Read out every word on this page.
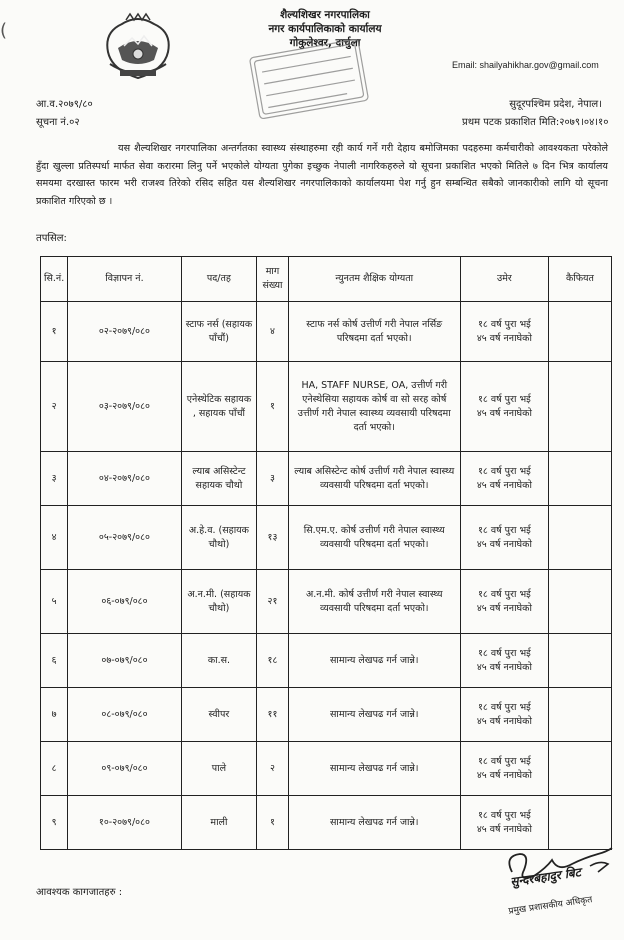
(
शैल्यशिखर नगरपालिका
नगर कार्यपालिकाको कार्यालय
गोकुलेश्वर, दार्चुला
Email: shailyahikhar.gov@gmail.com
आ.व.२०७९/८०
सूचना नं.०२
सुदूरपश्चिम प्रदेश, नेपाल।
प्रथम पटक प्रकाशित मिति:२०७९।०४।१०
यस शैल्यशिखर नगरपालिका अन्तर्गतका स्वास्थ्य संस्थाहरुमा रही कार्य गर्ने गरी देहाय बमोजिमका पदहरुमा कर्मचारीको आवश्यकता परेकोले हुँदा खुल्ला प्रतिस्पर्धा मार्फत सेवा करारमा लिनु पर्ने भएकोले योग्यता पुगेका इच्छुक नेपाली नागरिकहरुले यो सूचना प्रकाशित भएको मितिले ७ दिन भित्र कार्यालय समयमा दरखास्त फारम भरी राजश्व तिरेको रसिद सहित यस शैल्यशिखर नगरपालिकाको कार्यालयमा पेश गर्नु हुन सम्बन्धित सबैको जानकारीको लागि यो सूचना प्रकाशित गरिएको छ ।
तपसिल:
सि.नं.	विज्ञापन नं.	पद/तह	माग संख्या	न्युनतम शैक्षिक योग्यता	उमेर	कैफियत
१	०२-२०७९/०८०	स्टाफ नर्स (सहायक पाँचौं)	४	स्टाफ नर्स कोर्ष उत्तीर्ण गरी नेपाल नर्सिङ परिषदमा दर्ता भएको।	१८ वर्ष पुरा भई
४५ वर्ष ननाघेको	

२	०३-२०७९/०८०	एनेस्थेटिक सहायक , सहायक पाँचौं	१	HA, STAFF NURSE, OA, उत्तीर्ण गरी एनेस्थेसिया सहायक कोर्ष वा सो सरह कोर्ष उत्तीर्ण गरी नेपाल स्वास्थ्य व्यवसायी परिषदमा दर्ता भएको।	१८ वर्ष पुरा भई
४५ वर्ष ननाघेको	

३	०४-२०७९/०८०	ल्याब असिस्टेन्ट सहायक चौथो	३	ल्याब असिस्टेन्ट कोर्ष उत्तीर्ण गरी नेपाल स्वास्थ्य व्यवसायी परिषदमा दर्ता भएको।	१८ वर्ष पुरा भई
४५ वर्ष ननाघेको	

४	०५-२०७९/०८०	अ.हे.व. (सहायक चौथो)	१३	सि.एम.ए. कोर्ष उत्तीर्ण गरी नेपाल स्वास्थ्य व्यवसायी परिषदमा दर्ता भएको।	१८ वर्ष पुरा भई
४५ वर्ष ननाघेको	

५	०६-०७९/०८०	अ.न.मी. (सहायक चौथो)	२१	अ.न.मी. कोर्ष उत्तीर्ण गरी नेपाल स्वास्थ्य व्यवसायी परिषदमा दर्ता भएको।	१८ वर्ष पुरा भई
४५ वर्ष ननाघेको	

६	०७-०७९/०८०	का.स.	१८	सामान्य लेखपढ गर्न जान्ने।	१८ वर्ष पुरा भई
४५ वर्ष ननाघेको	

७	०८-०७९/०८०	स्वीपर	११	सामान्य लेखपढ गर्न जान्ने।	१८ वर्ष पुरा भई
४५ वर्ष ननाघेको	

८	०९-०७९/०८०	पाले	२	सामान्य लेखपढ गर्न जान्ने।	१८ वर्ष पुरा भई
४५ वर्ष ननाघेको	

९	१०-२०७९/०८०	माली	१	सामान्य लेखपढ गर्न जान्ने।	१८ वर्ष पुरा भई
४५ वर्ष ननाघेको	

आवश्यक कागजातहरु :
सुन्दरबहादुर बिट
प्रमुख प्रशासकीय अधिकृत
